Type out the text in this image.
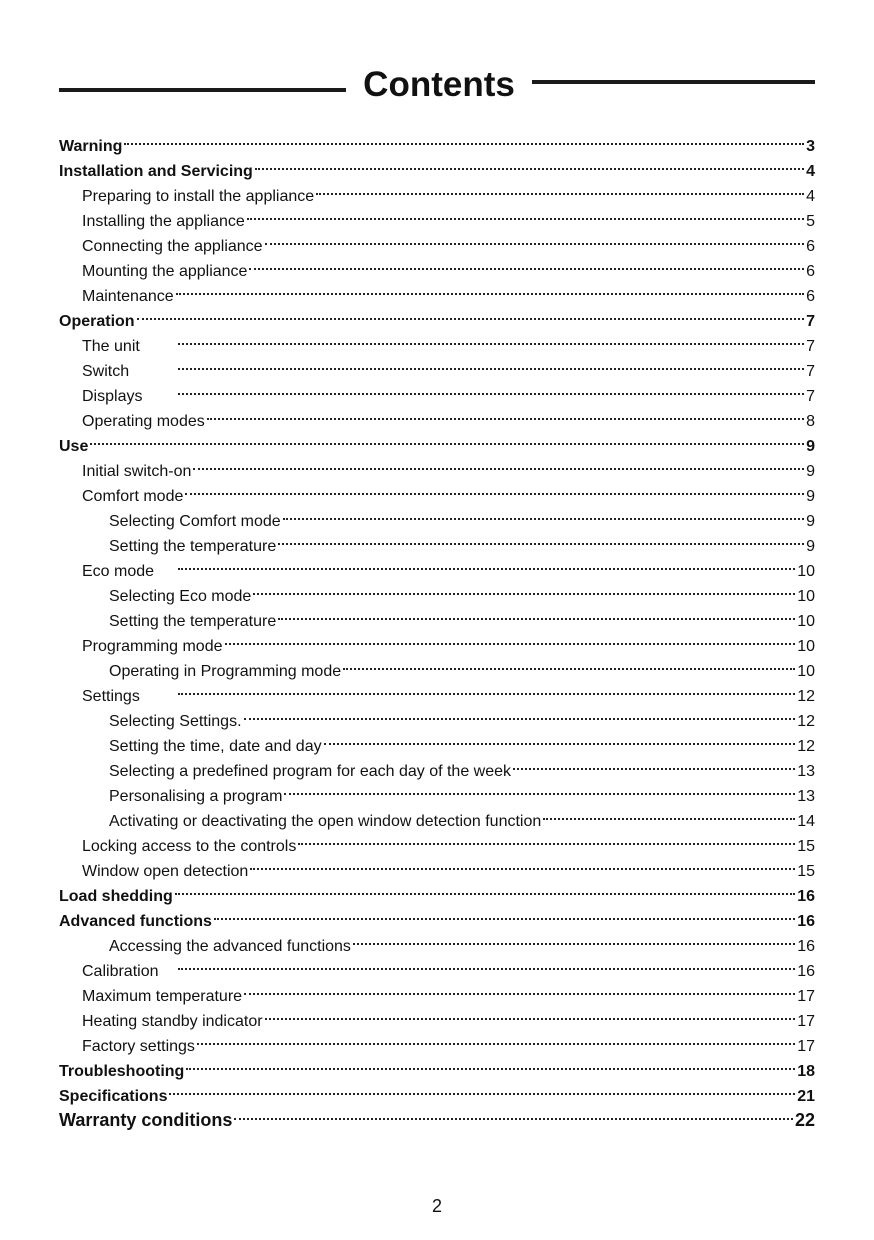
Contents
Warning	3
Installation and Servicing	4
Preparing to install the appliance	4
Installing the appliance	5
Connecting the appliance	6
Mounting the appliance	6
Maintenance	6
Operation	7
The unit	7
Switch	7
Displays	7
Operating modes	8
Use	9
Initial switch-on	9
Comfort mode	9
Selecting Comfort mode	9
Setting the temperature	9
Eco mode	10
Selecting Eco mode	10
Setting the temperature	10
Programming mode	10
Operating in Programming mode	10
Settings	12
Selecting Settings.	12
Setting the time, date and day	12
Selecting a predefined program for each day of the week	13
Personalising a program	13
Activating or deactivating the open window detection function	14
Locking access to the controls	15
Window open detection	15
Load shedding	16
Advanced functions	16
Accessing the advanced functions	16
Calibration	16
Maximum temperature	17
Heating standby indicator	17
Factory settings	17
Troubleshooting	18
Specifications	21
Warranty conditions	22
2
